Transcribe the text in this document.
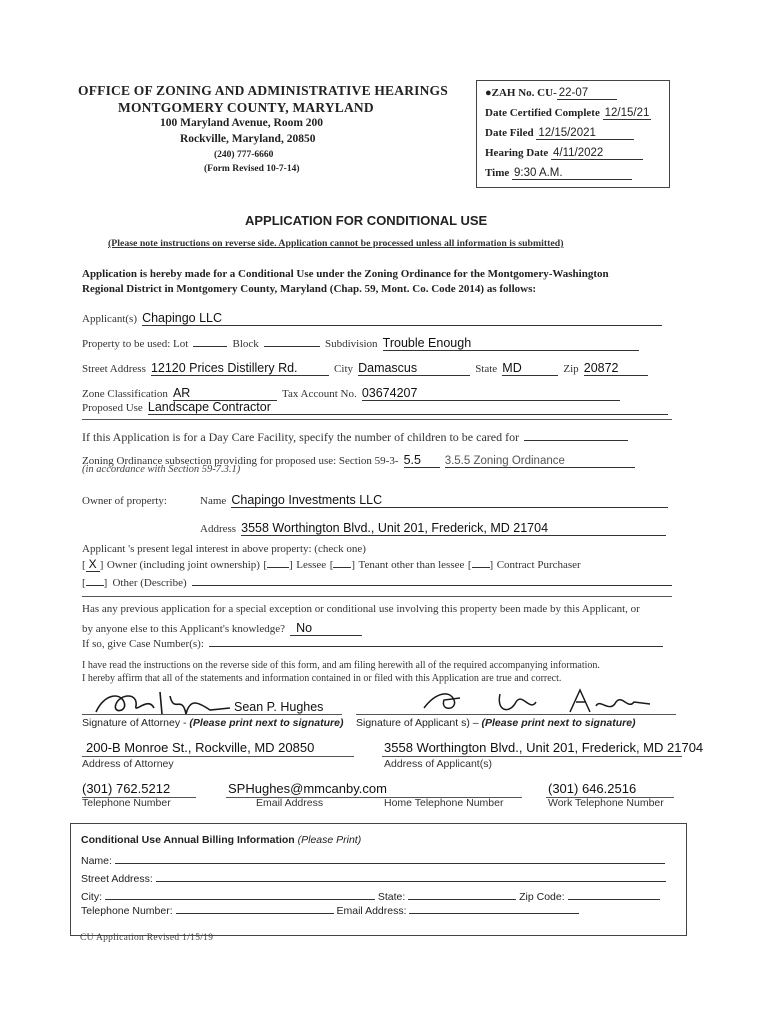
OFFICE OF ZONING AND ADMINISTRATIVE HEARINGS
MONTGOMERY COUNTY, MARYLAND
100 Maryland Avenue, Room 200
Rockville, Maryland, 20850
(240) 777-6660
(Form Revised 10-7-14)
●ZAH No. CU- 22-07
Date Certified Complete 12/15/21
Date Filed 12/15/2021
Hearing Date 4/11/2022
Time 9:30 A.M.
APPLICATION FOR CONDITIONAL USE
(Please note instructions on reverse side. Application cannot be processed unless all information is submitted)
Application is hereby made for a Conditional Use under the Zoning Ordinance for the Montgomery-Washington
Regional District in Montgomery County, Maryland (Chap. 59, Mont. Co. Code 2014) as follows:
Applicant(s) Chapingo LLC
Property to be used: Lot	Block	Subdivision Trouble Enough
Street Address 12120 Prices Distillery Rd.	City Damascus	State MD	Zip 20872
Zone Classification AR	Tax Account No. 03674207
Proposed Use Landscape Contractor
If this Application is for a Day Care Facility, specify the number of children to be cared for
Zoning Ordinance subsection providing for proposed use: Section 59-3- 5.5 3.5.5 Zoning Ordinance
(in accordance with Section 59-7.3.1)
Owner of property:	Name Chapingo Investments LLC
Address 3558 Worthington Blvd., Unit 201, Frederick, MD 21704
Applicant 's present legal interest in above property: (check one)
[ X ] Owner (including joint ownership) [ ] Lessee [ ] Tenant other than lessee [ ] Contract Purchaser
[ ] Other (Describe)
Has any previous application for a special exception or conditional use involving this property been made by this Applicant, or
by anyone else to this Applicant's knowledge? No
If so, give Case Number(s):
I have read the instructions on the reverse side of this form, and am filing herewith all of the required accompanying information.
I hereby affirm that all of the statements and information contained in or filed with this Application are true and correct.
Sean P. Hughes
Signature of Attorney - (Please print next to signature) Signature of Applicant s) – (Please print next to signature)
200-B Monroe St., Rockville, MD 20850
Address of Attorney
3558 Worthington Blvd., Unit 201, Frederick, MD 21704
Address of Applicant(s)
(301) 762.5212
Telephone Number
SPHughes@mmcanby.com
Email Address	Home Telephone Number
(301) 646.2516
Work Telephone Number
Conditional Use Annual Billing Information (Please Print)
Name:
Street Address:
City:	State:	Zip Code:
Telephone Number:	Email Address:
CU Application Revised 1/15/19
